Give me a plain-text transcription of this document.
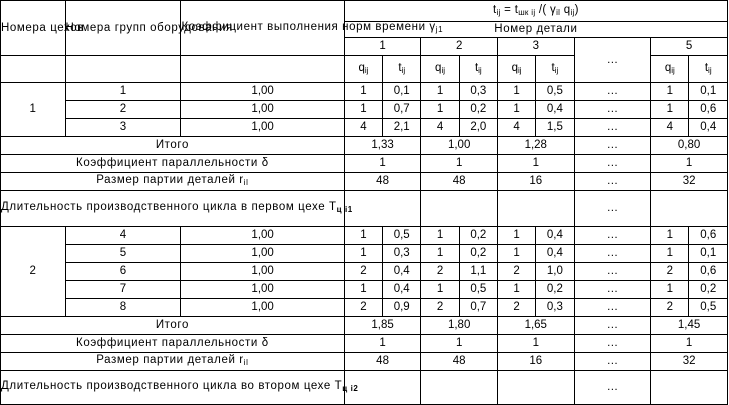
Номера цехов	Номера групп оборудования	Коэффициент выполнения норм времени $\gamma_{j1}$	$t_{ij} = t_{шк ij}$ /( $\gamma_{il}$ $q_{ij}$)								
			Номер детали								
			1		2		3		…	5	
			$q_{ij}$	$t_{ij}$	$q_{ij}$	$t_{ij}$	$q_{ij}$	$t_{ij}$		$q_{ij}$	$t_{ij}$
1	1	1,00	1	0,1	1	0,3	1	0,5	…	1	0,1
	2	1,00	1	0,7	1	0,2	1	0,4	…	1	0,6
	3	1,00	4	2,1	4	2,0	4	1,5	…	4	0,4
Итого			1,33		1,00		1,28		…	0,80	
Коэффициент параллельности δ			1		1		1		…	1	
Размер партии деталей $r_{il}$			48		48		16		…	32	
Длительность производственного цикла в первом цехе Tц i1									…		
2	4	1,00	1	0,5	1	0,2	1	0,4	…	1	0,6
	5	1,00	1	0,3	1	0,2	1	0,4	…	1	0,1
	6	1,00	2	0,4	2	1,1	2	1,0	…	2	0,6
	7	1,00	1	0,4	1	0,5	1	0,2	…	1	0,2
	8	1,00	2	0,9	2	0,7	2	0,3	…	2	0,5
Итого			1,85		1,80		1,65		…	1,45	
Коэффициент параллельности δ			1		1		1		…	1	
Размер партии деталей $r_{il}$			48		48		16		…	32	
Длительность производственного цикла во втором цехе Tц i2									…		
